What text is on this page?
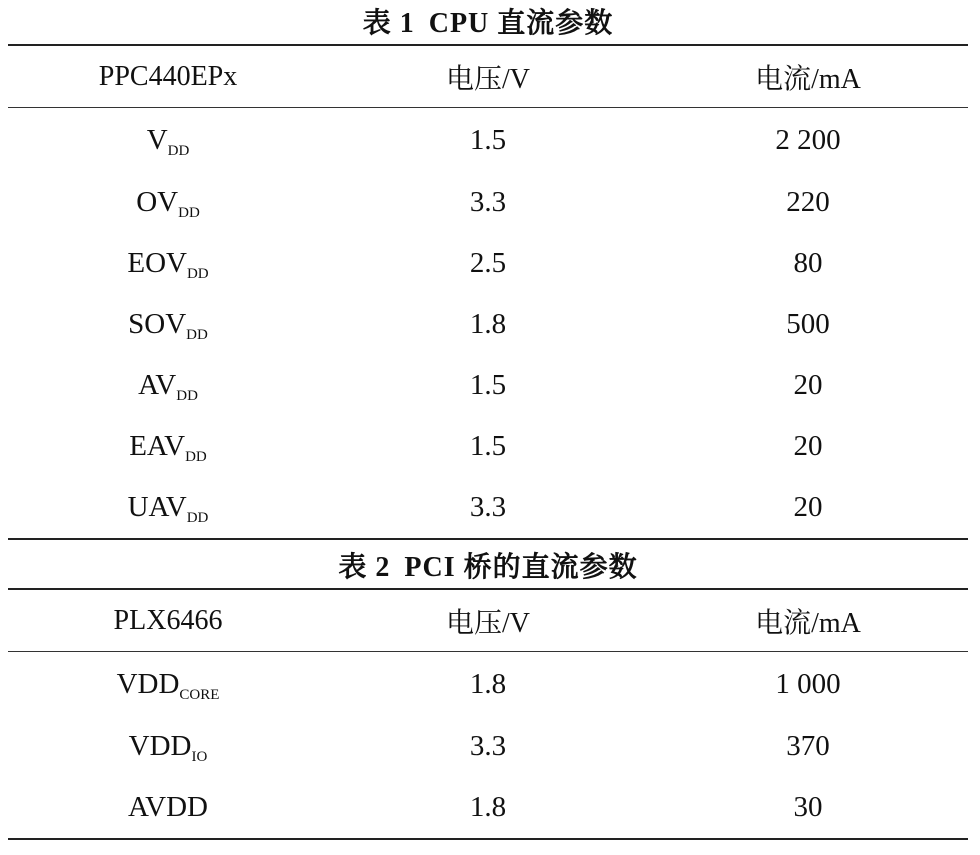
表 1 CPU 直流参数
PPC440EPx	电压/V	电流/mA
$V_{DD}$	1.5	2 200
$OV_{DD}$	3.3	220
$EOV_{DD}$	2.5	80
$SOV_{DD}$	1.8	500
$AV_{DD}$	1.5	20
$EAV_{DD}$	1.5	20
$UAV_{DD}$	3.3	20
表 2 PCI 桥的直流参数
PLX6466	电压/V	电流/mA
$VDD_{CORE}$	1.8	1 000
$VDD_{IO}$	3.3	370
AVDD	1.8	30
